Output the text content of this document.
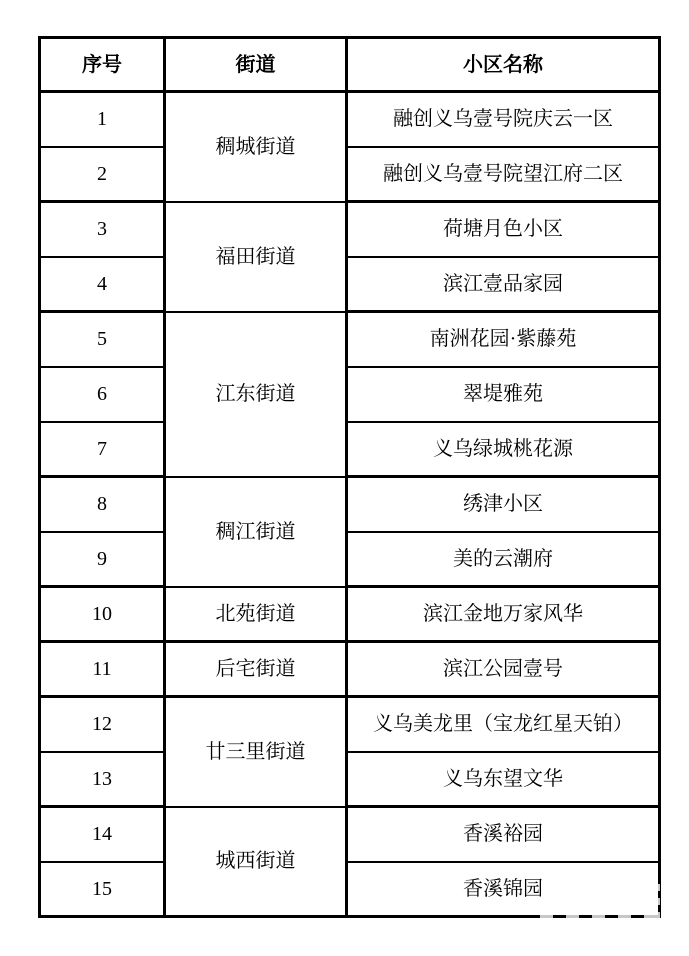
序号	街道	小区名称
1	稠城街道	融创义乌壹号院庆云一区
2		融创义乌壹号院望江府二区
3	福田街道	荷塘月色小区
4		滨江壹品家园
5	江东街道	南洲花园·紫藤苑
6		翠堤雅苑
7		义乌绿城桃花源
8	稠江街道	绣津小区
9		美的云潮府
10	北苑街道	滨江金地万家风华
11	后宅街道	滨江公园壹号
12	廿三里街道	义乌美龙里（宝龙红星天铂）
13		义乌东望文华
14	城西街道	香溪裕园
15		香溪锦园
